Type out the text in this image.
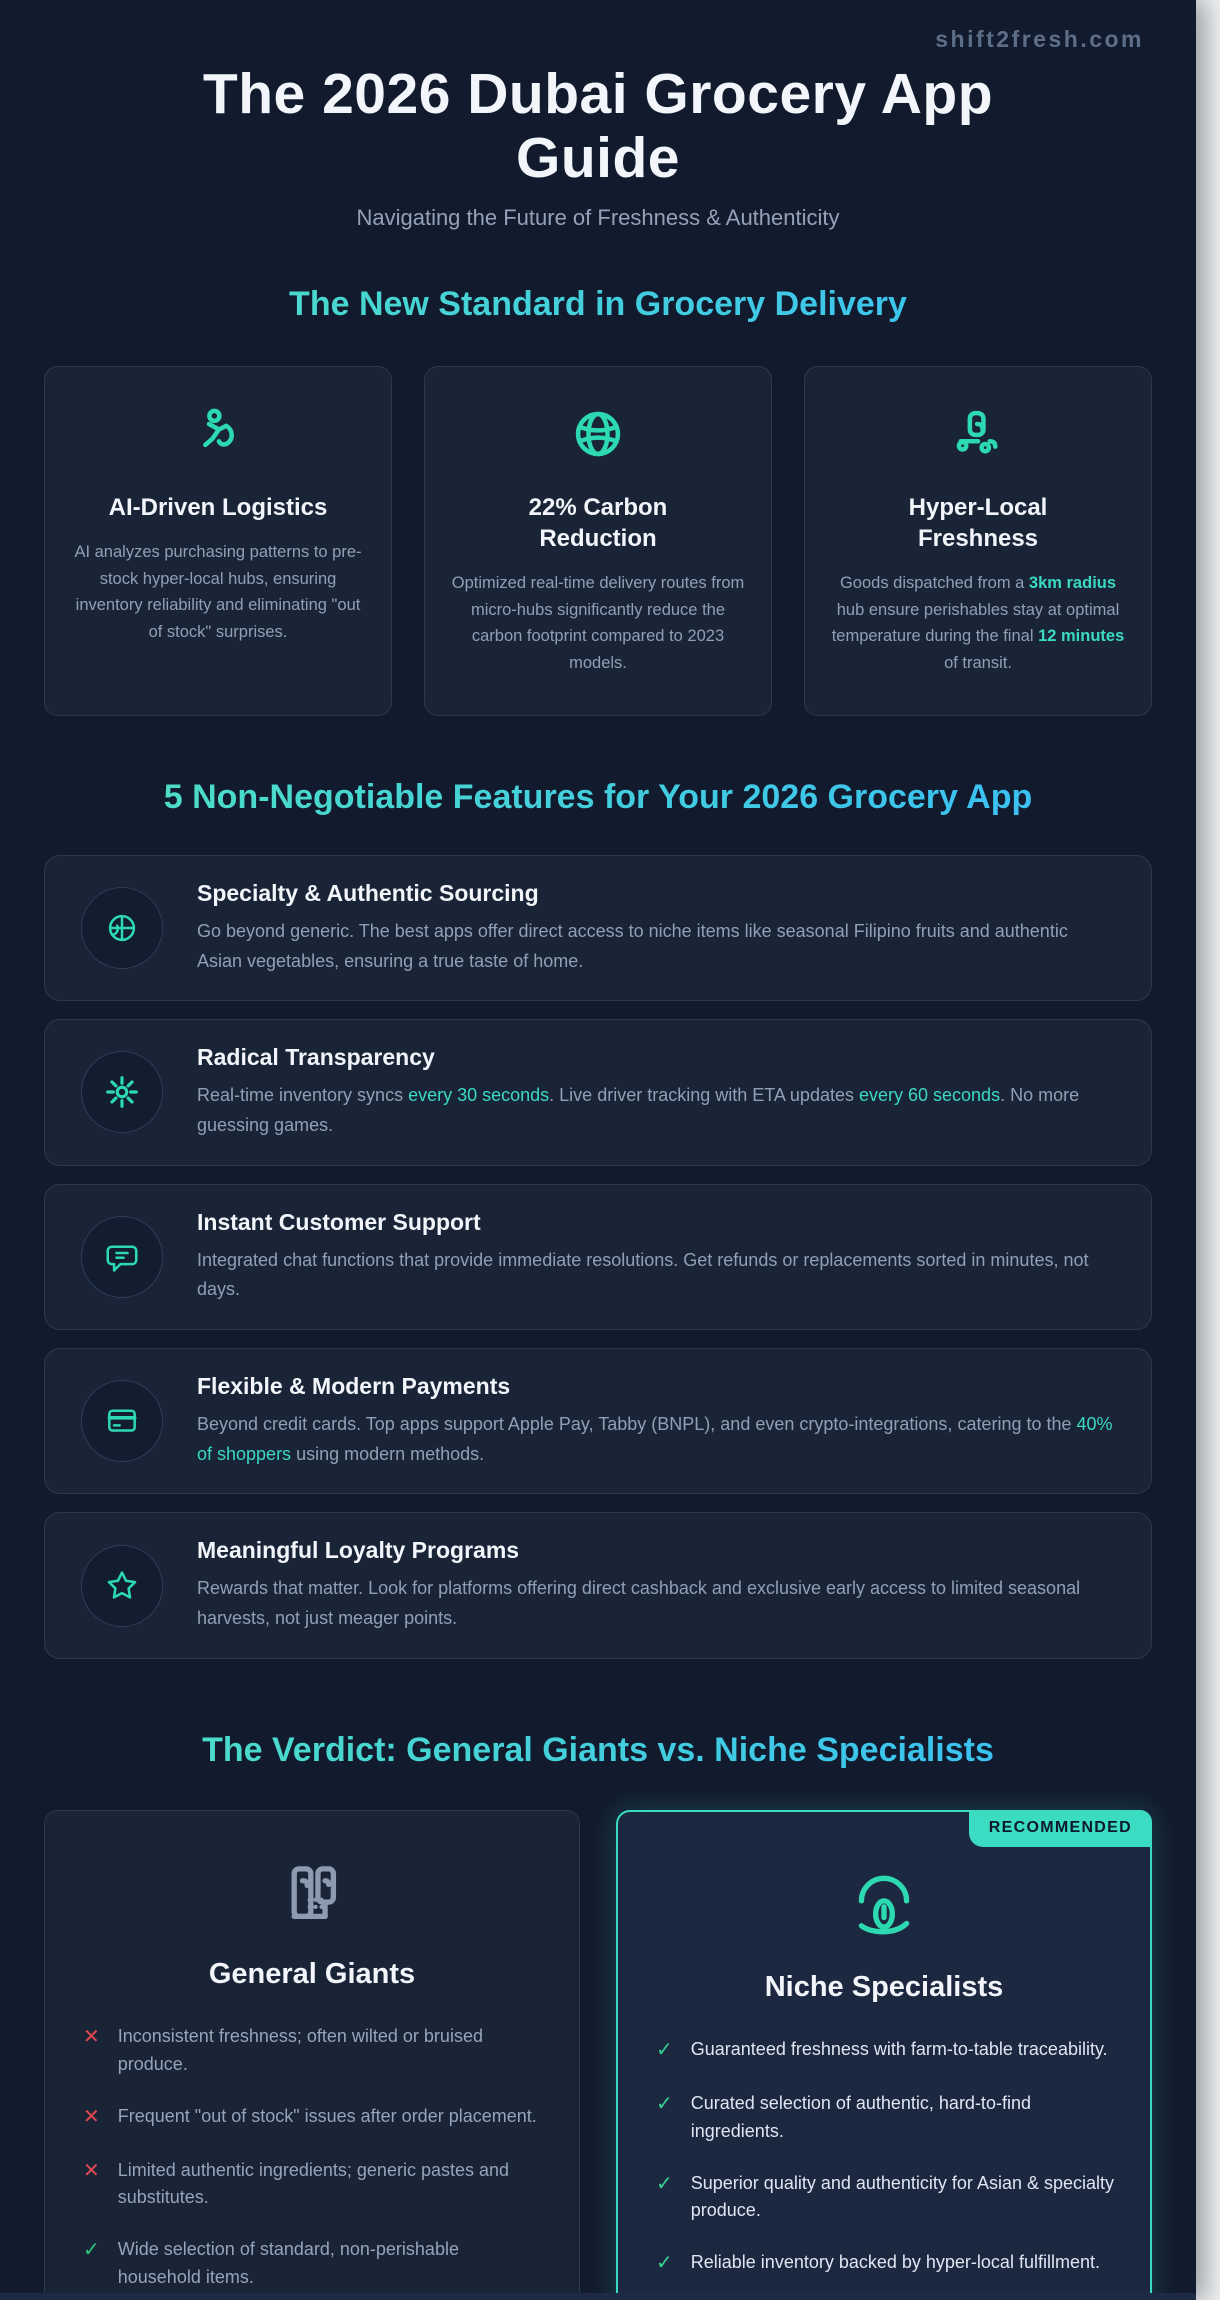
shift2fresh.com
The 2026 Dubai Grocery App Guide
Navigating the Future of Freshness & Authenticity
The New Standard in Grocery Delivery
AI-Driven Logistics
AI analyzes purchasing patterns to pre-stock hyper-local hubs, ensuring inventory reliability and eliminating "out of stock" surprises.
22% Carbon Reduction
Optimized real-time delivery routes from micro-hubs significantly reduce the carbon footprint compared to 2023 models.
Hyper-Local Freshness
Goods dispatched from a 3km radius hub ensure perishables stay at optimal temperature during the final 12 minutes of transit.
5 Non-Negotiable Features for Your 2026 Grocery App
Specialty & Authentic Sourcing
Go beyond generic. The best apps offer direct access to niche items like seasonal Filipino fruits and authentic Asian vegetables, ensuring a true taste of home.
Radical Transparency
Real-time inventory syncs every 30 seconds. Live driver tracking with ETA updates every 60 seconds. No more guessing games.
Instant Customer Support
Integrated chat functions that provide immediate resolutions. Get refunds or replacements sorted in minutes, not days.
Flexible & Modern Payments
Beyond credit cards. Top apps support Apple Pay, Tabby (BNPL), and even crypto-integrations, catering to the 40% of shoppers using modern methods.
Meaningful Loyalty Programs
Rewards that matter. Look for platforms offering direct cashback and exclusive early access to limited seasonal harvests, not just meager points.
The Verdict: General Giants vs. Niche Specialists
General Giants
✕ Inconsistent freshness; often wilted or bruised produce.
✕ Frequent "out of stock" issues after order placement.
✕ Limited authentic ingredients; generic pastes and substitutes.
✓ Wide selection of standard, non-perishable household items.
RECOMMENDED
Niche Specialists
✓ Guaranteed freshness with farm-to-table traceability.
✓ Curated selection of authentic, hard-to-find ingredients.
✓ Superior quality and authenticity for Asian & specialty produce.
✓ Reliable inventory backed by hyper-local fulfillment.
